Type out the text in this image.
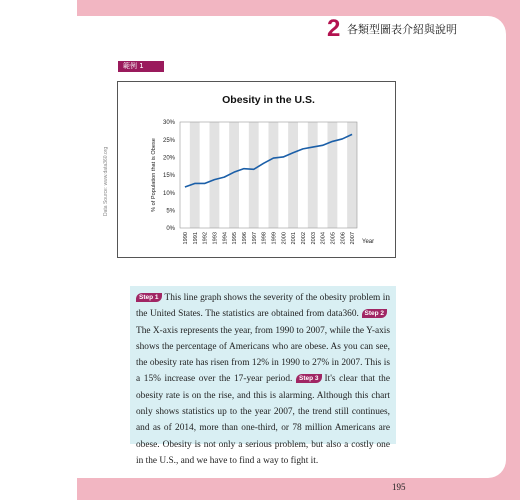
2 各類型圖表介紹與說明
範例 1
Obesity in the U.S.
0%
5%
10%
15%
20%
25%
30%
% of Population that is Obese
1990 1991 1992 1993 1994 1995 1996 1997 1998 1999 2000 2001 2002 2003 2004 2005 2006 2007 Year
Data Source: www.data360.org
Step 1 This line graph shows the severity of the obesity problem in the United States. The statistics are obtained from data360. Step 2The X-axis represents the year, from 1990 to 2007, while the Y-axis shows the percentage of Americans who are obese. As you can see, the obesity rate has risen from 12% in 1990 to 27% in 2007. This is a 15% increase over the 17-year period. Step 3 It's clear that the obesity rate is on the rise, and this is alarming. Although this chart only shows statistics up to the year 2007, the trend still continues, and as of 2014, more than one-third, or 78 million Americans are obese. Obesity is not only a serious problem, but also a costly one in the U.S., and we have to find a way to fight it.
195
